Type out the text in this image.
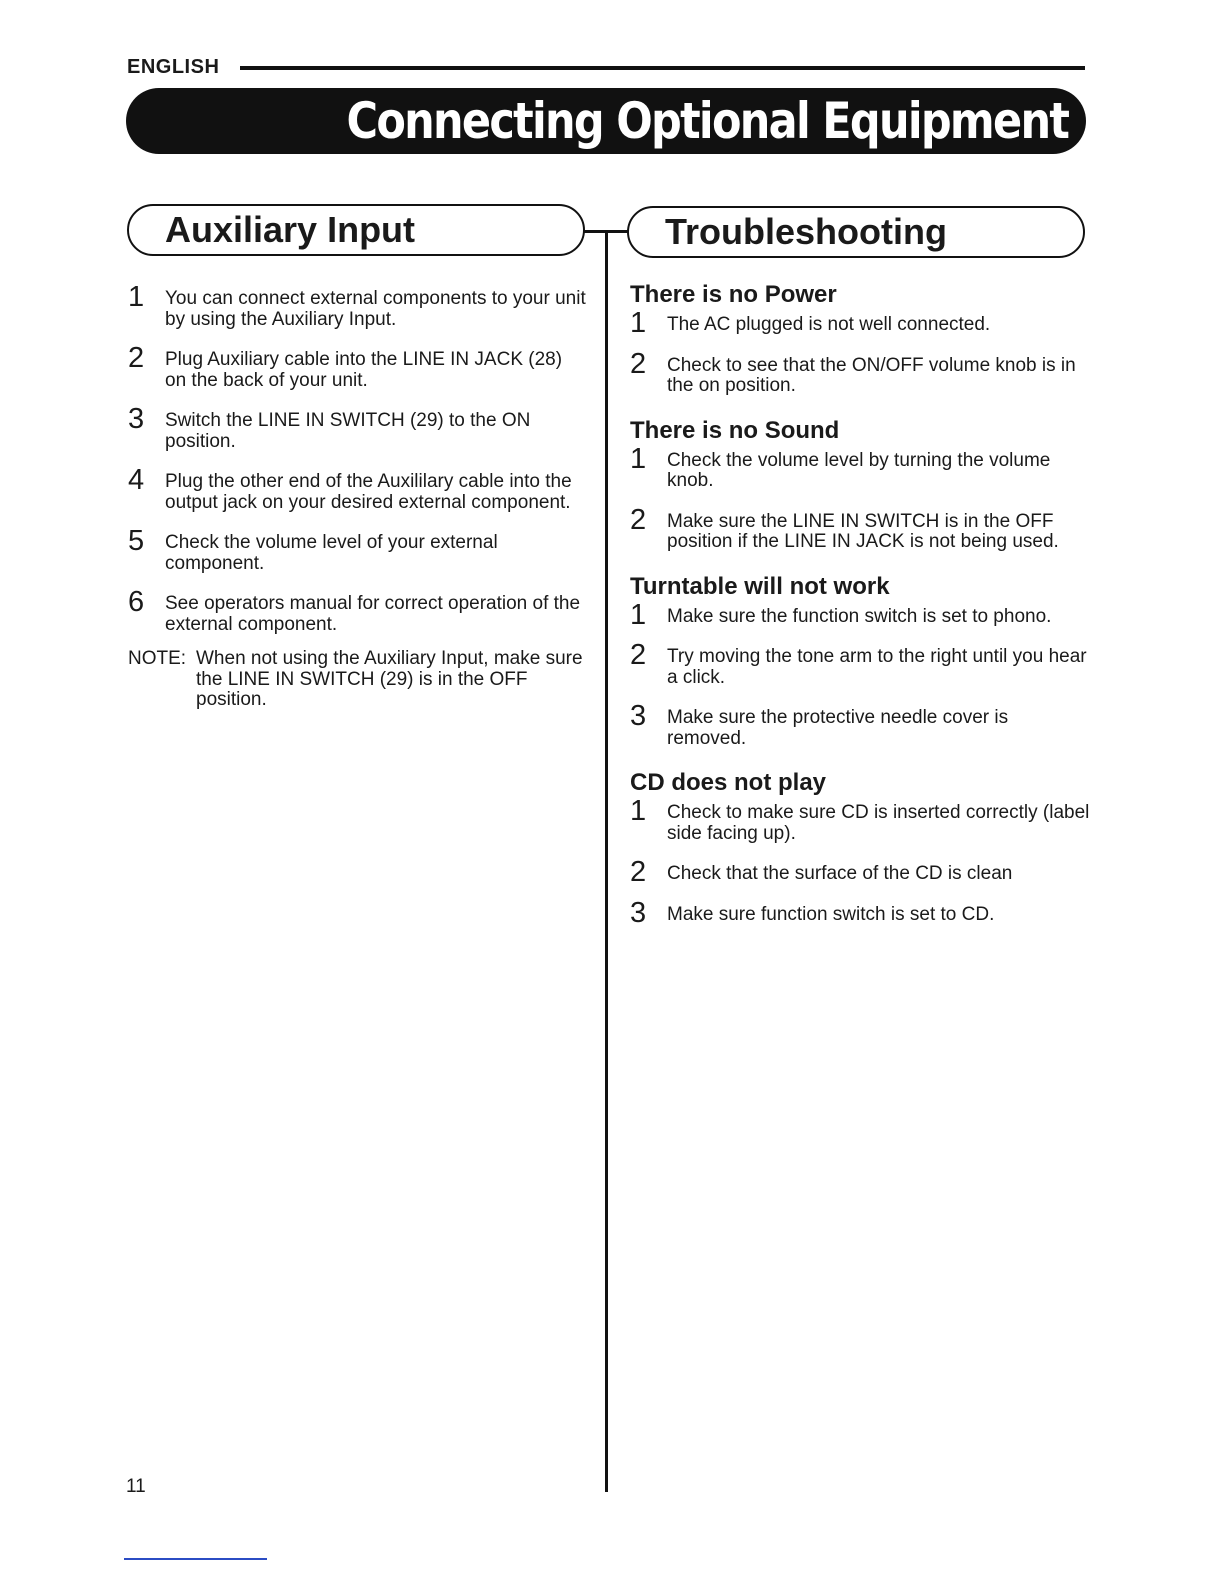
ENGLISH
Connecting Optional Equipment
Auxiliary Input	Troubleshooting
1 You can connect external components to your unit by using the Auxiliary Input.
2 Plug Auxiliary cable into the LINE IN JACK (28) on the back of your unit.
3 Switch the LINE IN SWITCH (29) to the ON position.
4 Plug the other end of the Auxililary cable into the output jack on your desired external component.
5 Check the volume level of your external component.
6 See operators manual for correct operation of the external component.
NOTE: When not using the Auxiliary Input, make sure the LINE IN SWITCH (29) is in the OFF position.
There is no Power
1 The AC plugged is not well connected.
2 Check to see that the ON/OFF volume knob is in the on position.
There is no Sound
1 Check the volume level by turning the volume knob.
2 Make sure the LINE IN SWITCH is in the OFF position if the LINE IN JACK is not being used.
Turntable will not work
1 Make sure the function switch is set to phono.
2 Try moving the tone arm to the right until you hear a click.
3 Make sure the protective needle cover is removed.
CD does not play
1 Check to make sure CD is inserted correctly (label side facing up).
2 Check that the surface of the CD is clean
3 Make sure function switch is set to CD.
11
